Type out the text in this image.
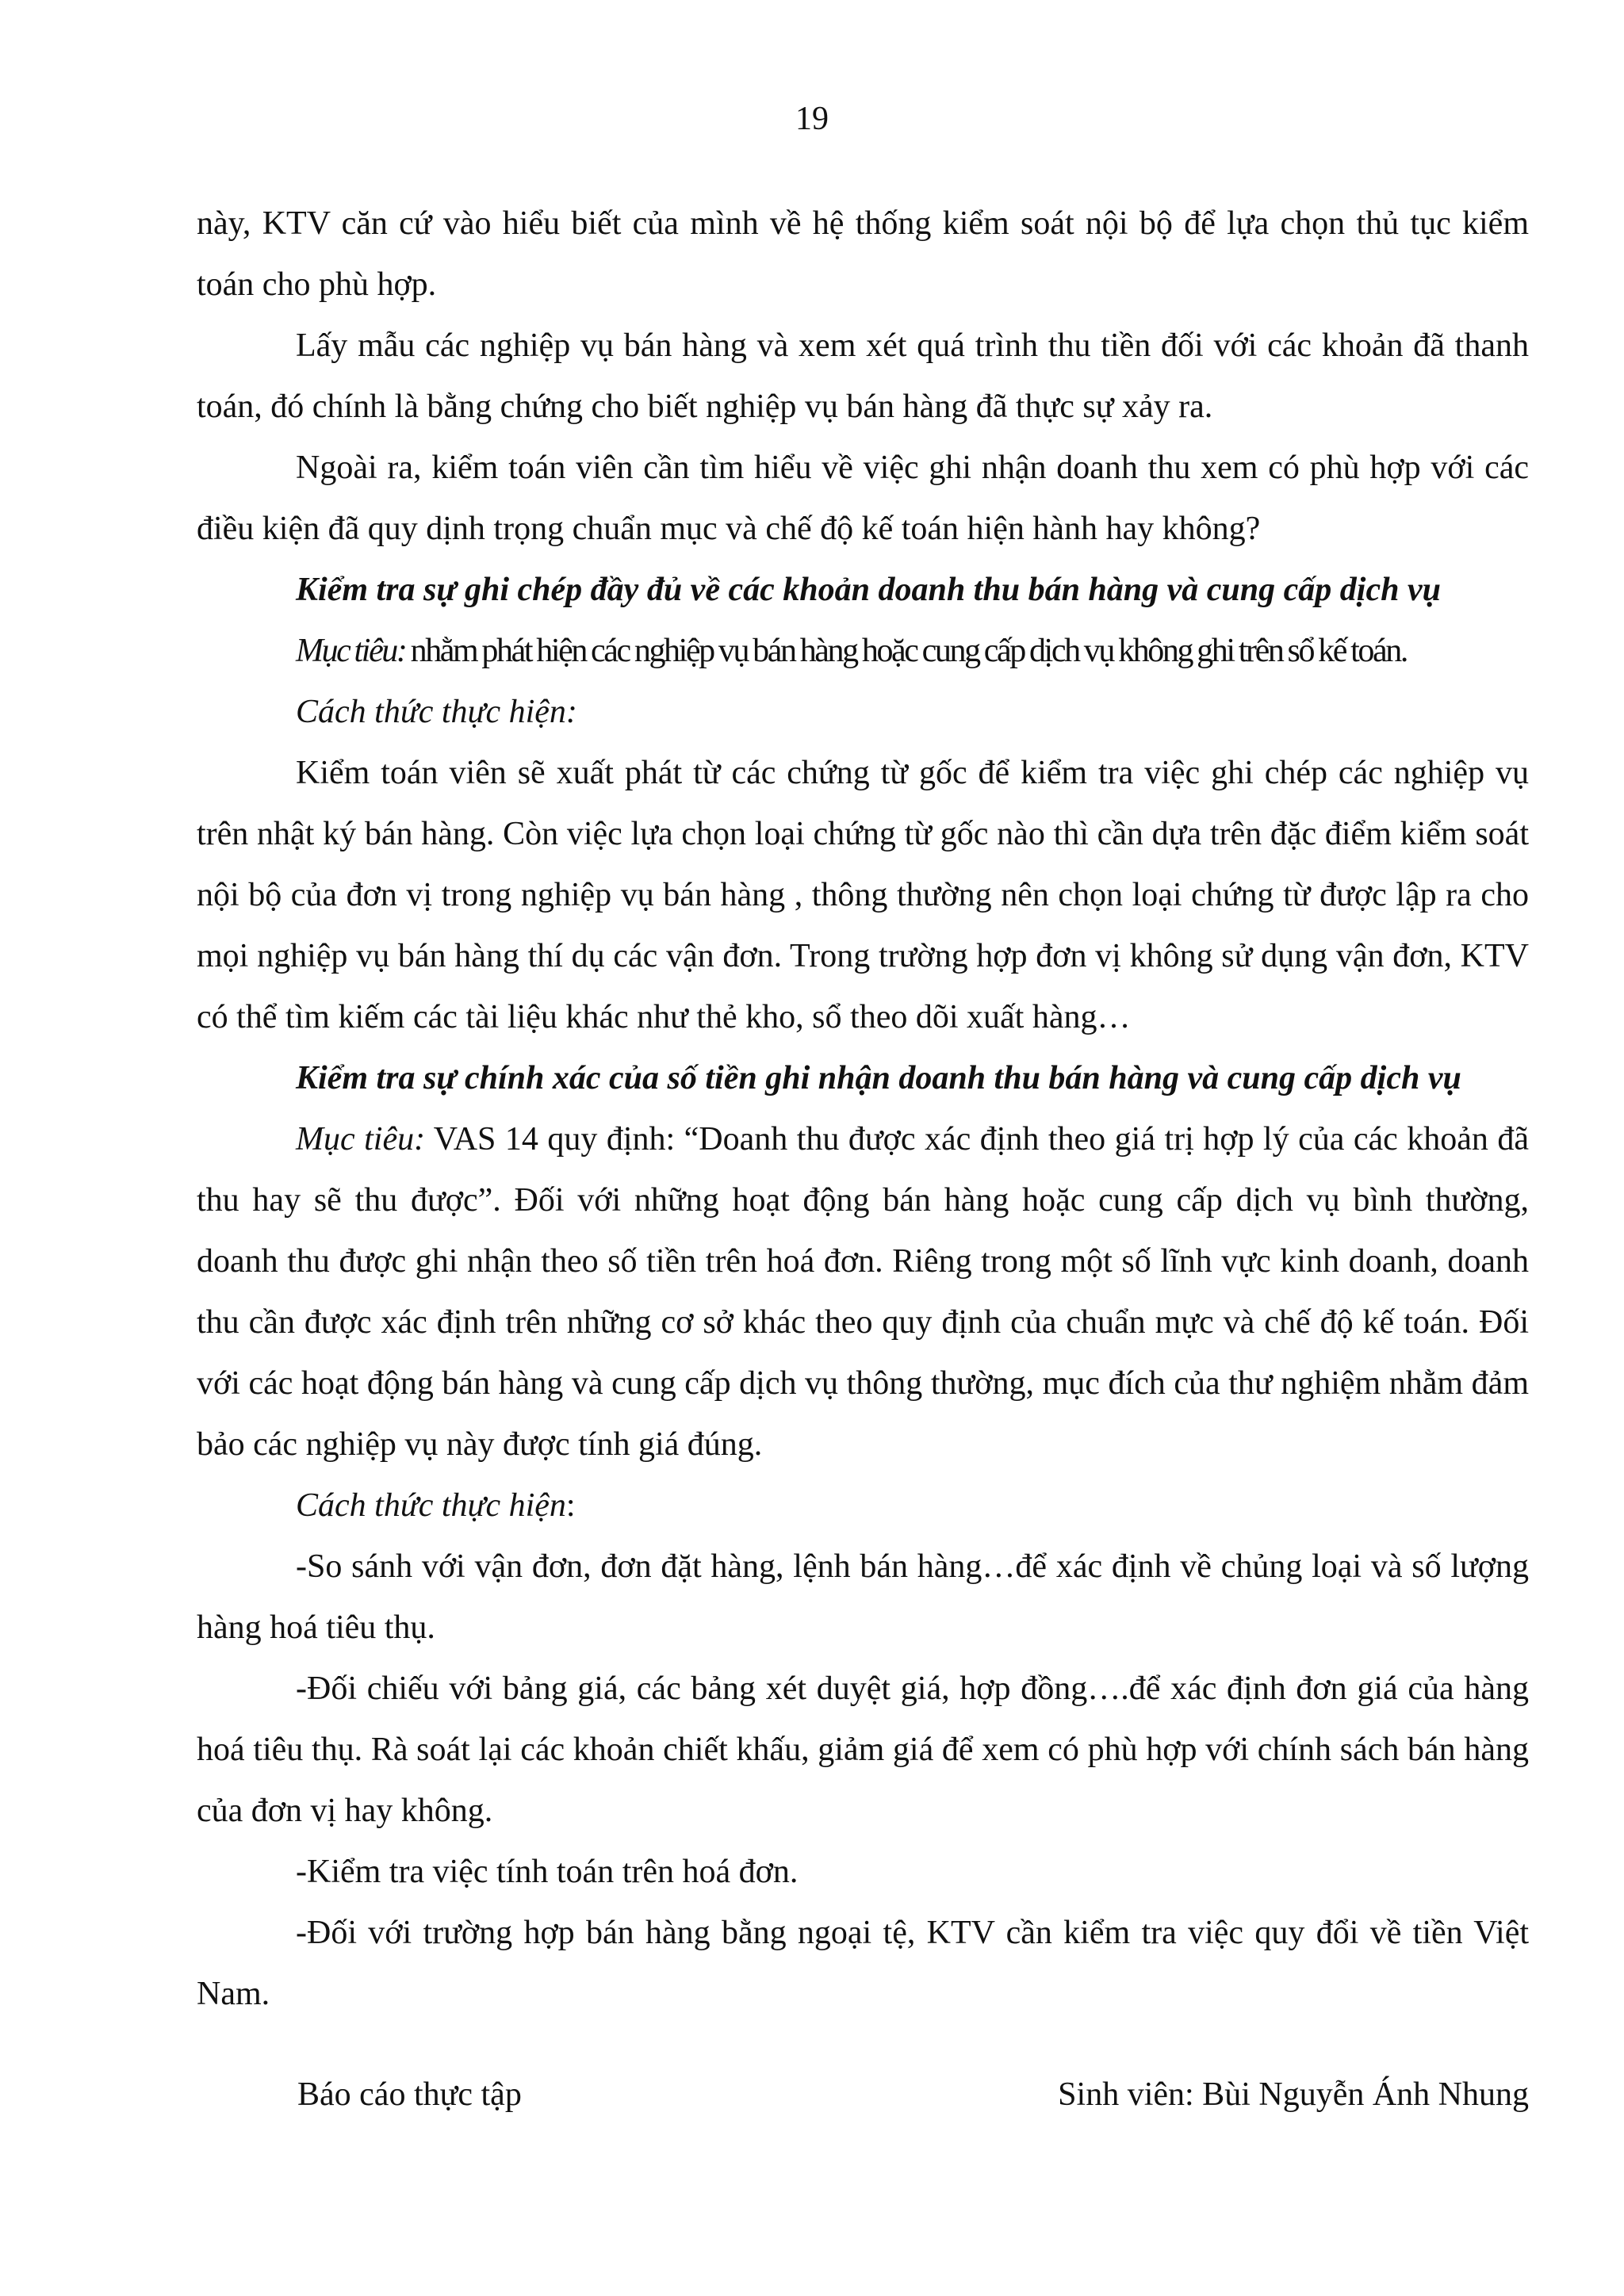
19

này, KTV căn cứ vào hiểu biết của mình về hệ thống kiểm soát nội bộ để lựa chọn thủ tục kiểm toán cho phù hợp.

Lấy mẫu các nghiệp vụ bán hàng và xem xét quá trình thu tiền đối với các khoản đã thanh toán, đó chính là bằng chứng cho biết nghiệp vụ bán hàng đã thực sự xảy ra.

Ngoài ra, kiểm toán viên cần tìm hiểu về việc ghi nhận doanh thu xem có phù hợp với các điều kiện đã quy dịnh trọng chuẩn mục và chế độ kế toán hiện hành hay không?

Kiểm tra sự ghi chép đầy đủ về các khoản doanh thu bán hàng và cung cấp dịch vụ

Mục tiêu: nhằm phát hiện các nghiệp vụ bán hàng hoặc cung cấp dịch vụ không ghi trên sổ kế toán.

Cách thức thực hiện:

Kiểm toán viên sẽ xuất phát từ các chứng từ gốc để kiểm tra việc ghi chép các nghiệp vụ trên nhật ký bán hàng. Còn việc lựa chọn loại chứng từ gốc nào thì cần dựa trên đặc điểm kiểm soát nội bộ của đơn vị trong nghiệp vụ bán hàng , thông thường nên chọn loại chứng từ được lập ra cho mọi nghiệp vụ bán hàng thí dụ các vận đơn. Trong trường hợp đơn vị không sử dụng vận đơn, KTV có thể tìm kiếm các tài liệu khác như thẻ kho, sổ theo dõi xuất hàng…

Kiểm tra sự chính xác của số tiền ghi nhận doanh thu bán hàng và cung cấp dịch vụ

Mục tiêu: VAS 14 quy định: “Doanh thu được xác định theo giá trị hợp lý của các khoản đã thu hay sẽ thu được”. Đối với những hoạt động bán hàng hoặc cung cấp dịch vụ bình thường, doanh thu được ghi nhận theo số tiền trên hoá đơn. Riêng trong một số lĩnh vực kinh doanh, doanh thu cần được xác định trên những cơ sở khác theo quy định của chuẩn mực và chế độ kế toán. Đối với các hoạt động bán hàng và cung cấp dịch vụ thông thường, mục đích của thư nghiệm nhằm đảm bảo các nghiệp vụ này được tính giá đúng.

Cách thức thực hiện:

-So sánh với vận đơn, đơn đặt hàng, lệnh bán hàng…để xác định về chủng loại và số lượng hàng hoá tiêu thụ.

-Đối chiếu với bảng giá, các bảng xét duyệt giá, hợp đồng….để xác định đơn giá của hàng hoá tiêu thụ. Rà soát lại các khoản chiết khấu, giảm giá để xem có phù hợp với chính sách bán hàng của đơn vị hay không.

-Kiểm tra việc tính toán trên hoá đơn.

-Đối với trường hợp bán hàng bằng ngoại tệ, KTV cần kiểm tra việc quy đổi về tiền Việt Nam.

Báo cáo thực tập	Sinh viên: Bùi Nguyễn Ánh Nhung
